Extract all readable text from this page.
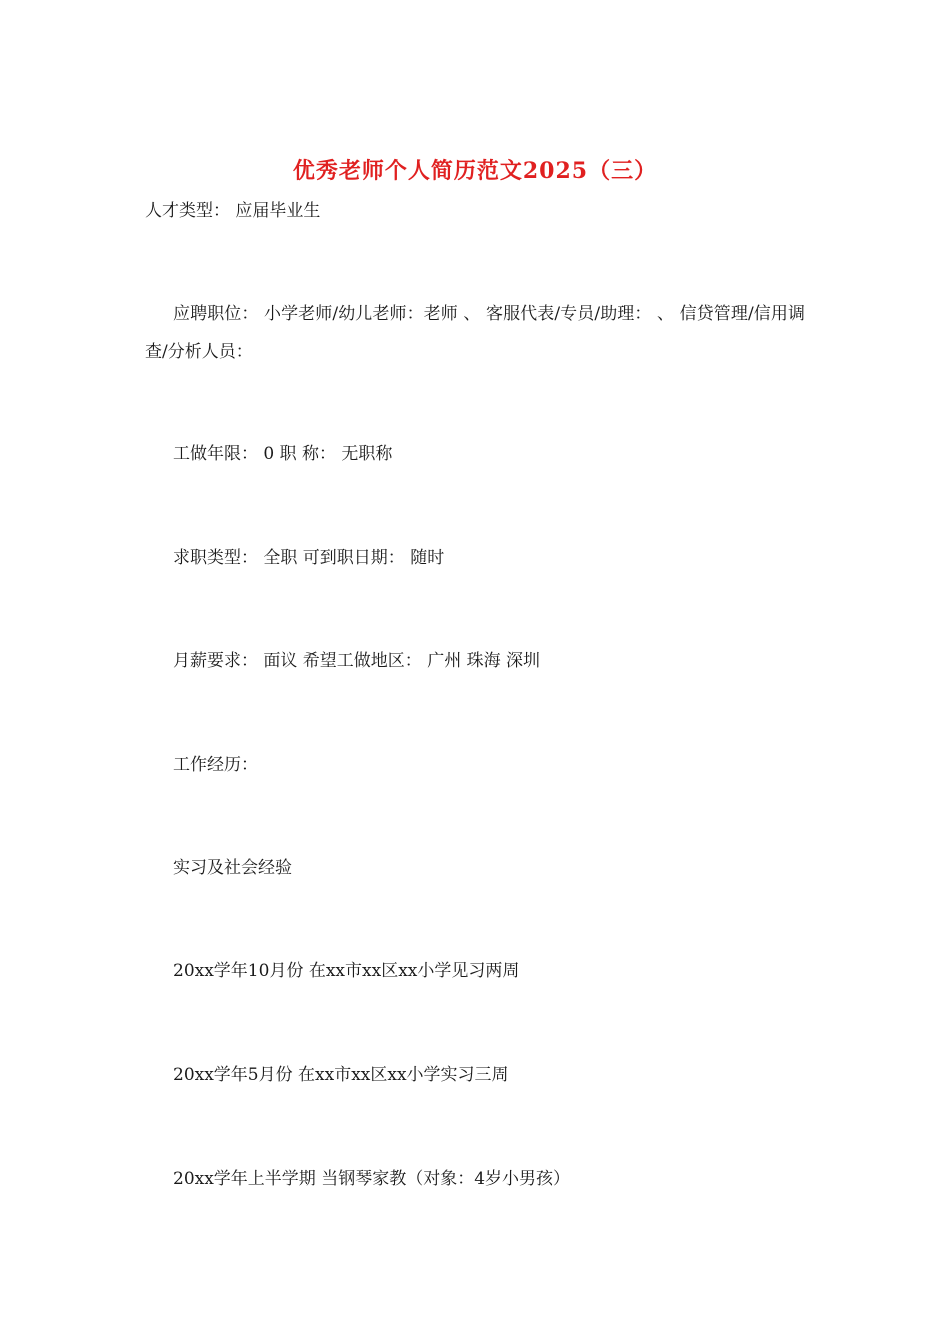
优秀老师个人简历范文2025（三）
人才类型： 应届毕业生
应聘职位： 小学老师/幼儿老师：老师 、 客服代表/专员/助理： 、 信贷管理/信用调查/分析人员：
工做年限： 0 职 称： 无职称
求职类型： 全职 可到职日期： 随时
月薪要求： 面议 希望工做地区： 广州 珠海 深圳
工作经历：
实习及社会经验
20xx学年10月份 在xx市xx区xx小学见习两周
20xx学年5月份 在xx市xx区xx小学实习三周
20xx学年上半学期 当钢琴家教（对象：4岁小男孩）
